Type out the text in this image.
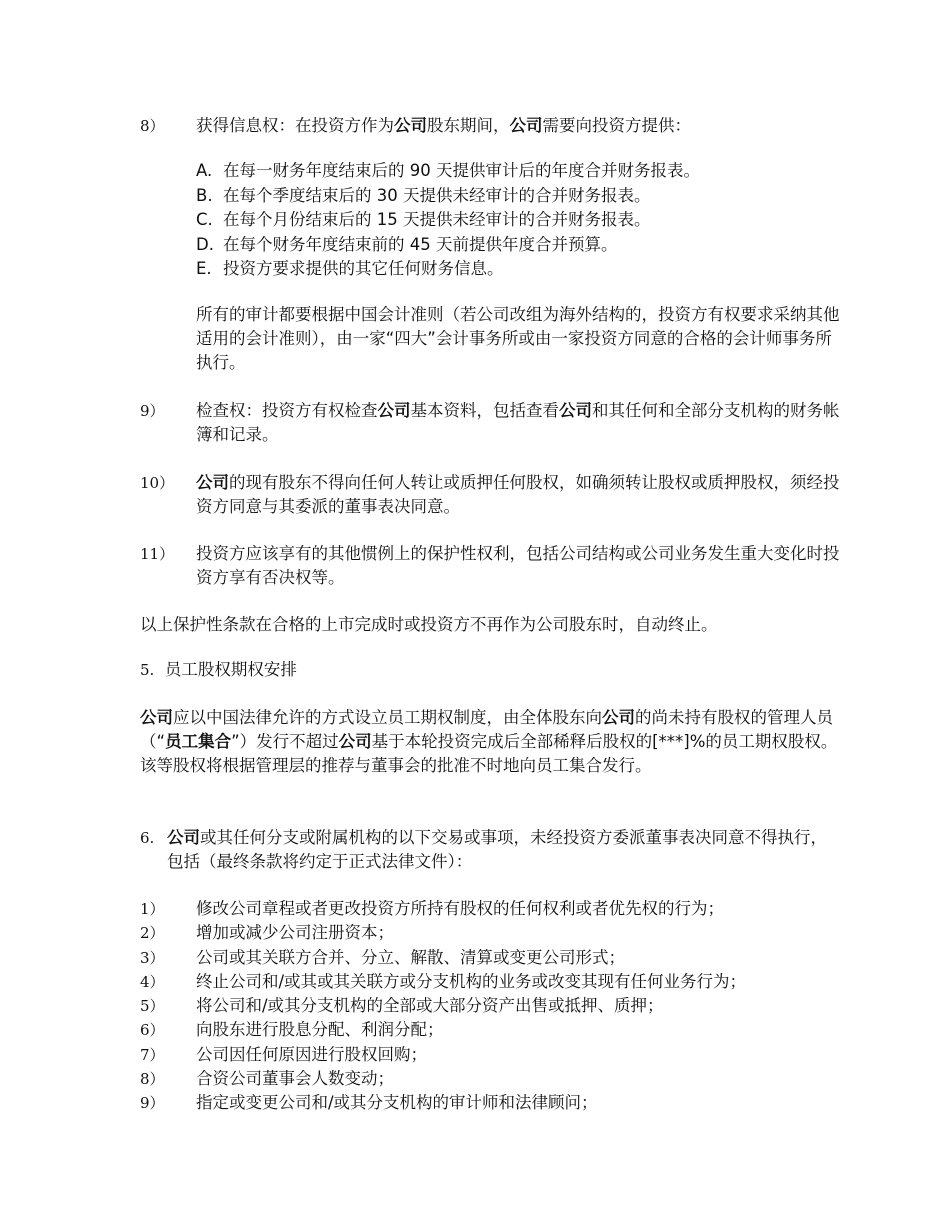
8） 获得信息权：在投资方作为公司股东期间，公司需要向投资方提供：
A. 在每一财务年度结束后的 90 天提供审计后的年度合并财务报表。
B. 在每个季度结束后的 30 天提供未经审计的合并财务报表。
C. 在每个月份结束后的 15 天提供未经审计的合并财务报表。
D. 在每个财务年度结束前的 45 天前提供年度合并预算。
E. 投资方要求提供的其它任何财务信息。
所有的审计都要根据中国会计准则（若公司改组为海外结构的，投资方有权要求采纳其他适用的会计准则），由一家“四大”会计事务所或由一家投资方同意的合格的会计师事务所执行。
9） 检查权：投资方有权检查公司基本资料，包括查看公司和其任何和全部分支机构的财务帐簿和记录。
10） 公司的现有股东不得向任何人转让或质押任何股权，如确须转让股权或质押股权，须经投资方同意与其委派的董事表决同意。
11） 投资方应该享有的其他惯例上的保护性权利，包括公司结构或公司业务发生重大变化时投资方享有否决权等。
以上保护性条款在合格的上市完成时或投资方不再作为公司股东时，自动终止。
5. 员工股权期权安排
公司应以中国法律允许的方式设立员工期权制度，由全体股东向公司的尚未持有股权的管理人员（“员工集合”）发行不超过公司基于本轮投资完成后全部稀释后股权的[***]%的员工期权股权。该等股权将根据管理层的推荐与董事会的批准不时地向员工集合发行。
6. 公司或其任何分支或附属机构的以下交易或事项，未经投资方委派董事表决同意不得执行，包括（最终条款将约定于正式法律文件）：
1） 修改公司章程或者更改投资方所持有股权的任何权利或者优先权的行为；
2） 增加或减少公司注册资本；
3） 公司或其关联方合并、分立、解散、清算或变更公司形式；
4） 终止公司和/或其或其关联方或分支机构的业务或改变其现有任何业务行为；
5） 将公司和/或其分支机构的全部或大部分资产出售或抵押、质押；
6） 向股东进行股息分配、利润分配；
7） 公司因任何原因进行股权回购；
8） 合资公司董事会人数变动；
9） 指定或变更公司和/或其分支机构的审计师和法律顾问；
